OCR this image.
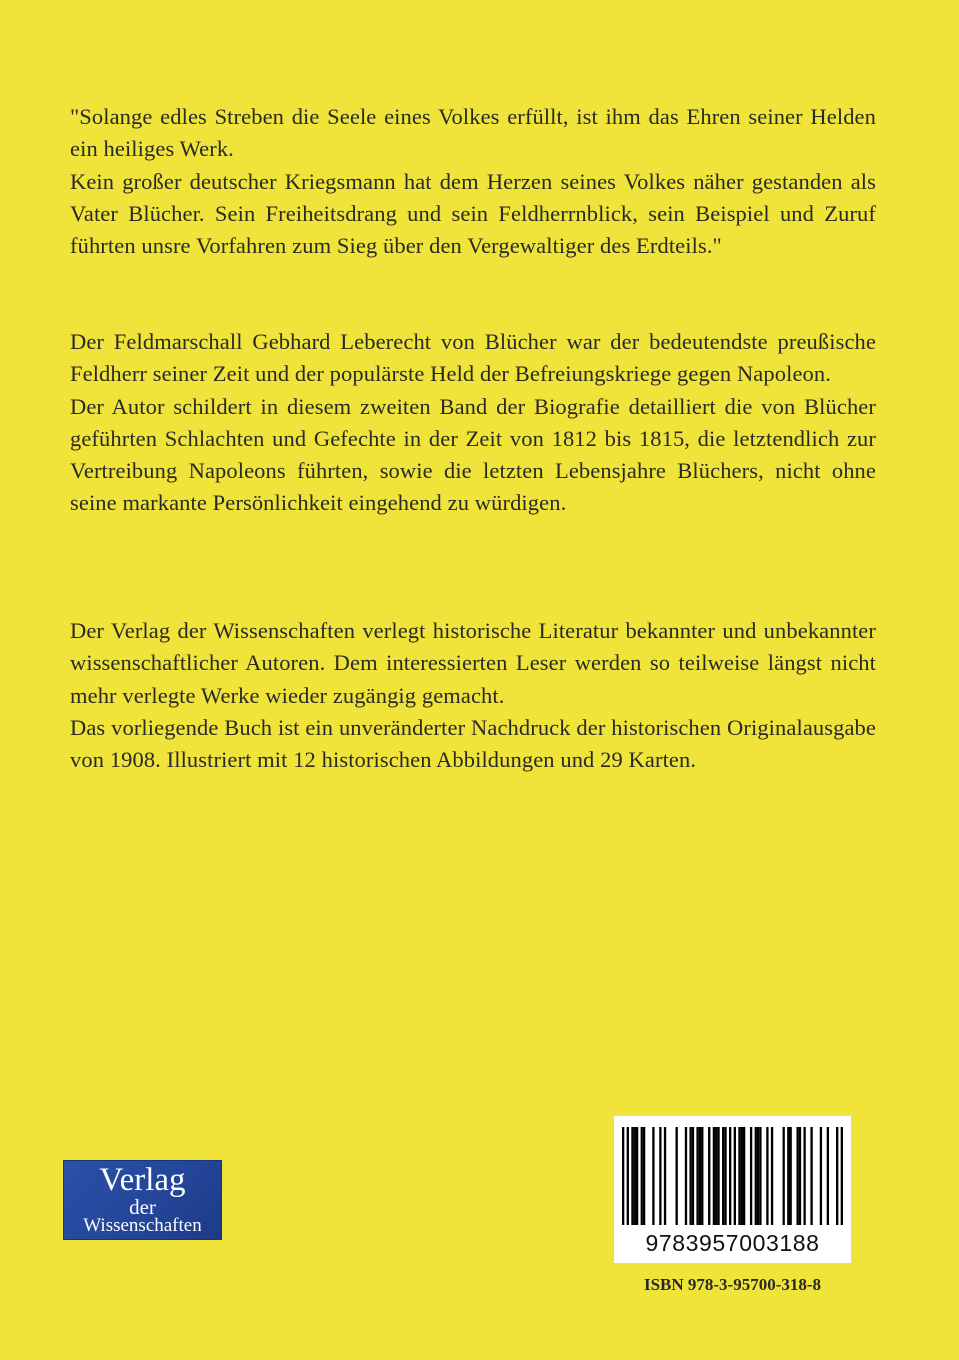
"Solange edles Streben die Seele eines Volkes erfüllt, ist ihm das Ehren seiner Helden ein heiliges Werk.

Kein großer deutscher Kriegsmann hat dem Herzen seines Volkes näher gestanden als Vater Blücher. Sein Freiheitsdrang und sein Feldherrnblick, sein Beispiel und Zuruf führten unsre Vorfahren zum Sieg über den Vergewaltiger des Erdteils."

Der Feldmarschall Gebhard Leberecht von Blücher war der bedeutendste preußische Feldherr seiner Zeit und der populärste Held der Befreiungskriege gegen Napoleon.

Der Autor schildert in diesem zweiten Band der Biografie detailliert die von Blücher geführten Schlachten und Gefechte in der Zeit von 1812 bis 1815, die letztendlich zur Vertreibung Napoleons führten, sowie die letzten Lebensjahre Blüchers, nicht ohne seine markante Persönlichkeit eingehend zu würdigen.

Der Verlag der Wissenschaften verlegt historische Literatur bekannter und unbekannter wissenschaftlicher Autoren. Dem interessierten Leser werden so teilweise längst nicht mehr verlegte Werke wieder zugängig gemacht.

Das vorliegende Buch ist ein unveränderter Nachdruck der historischen Originalausgabe von 1908. Illustriert mit 12 historischen Abbildungen und 29 Karten.

Verlag
der
Wissenschaften
9783957003188
ISBN 978-3-95700-318-8
